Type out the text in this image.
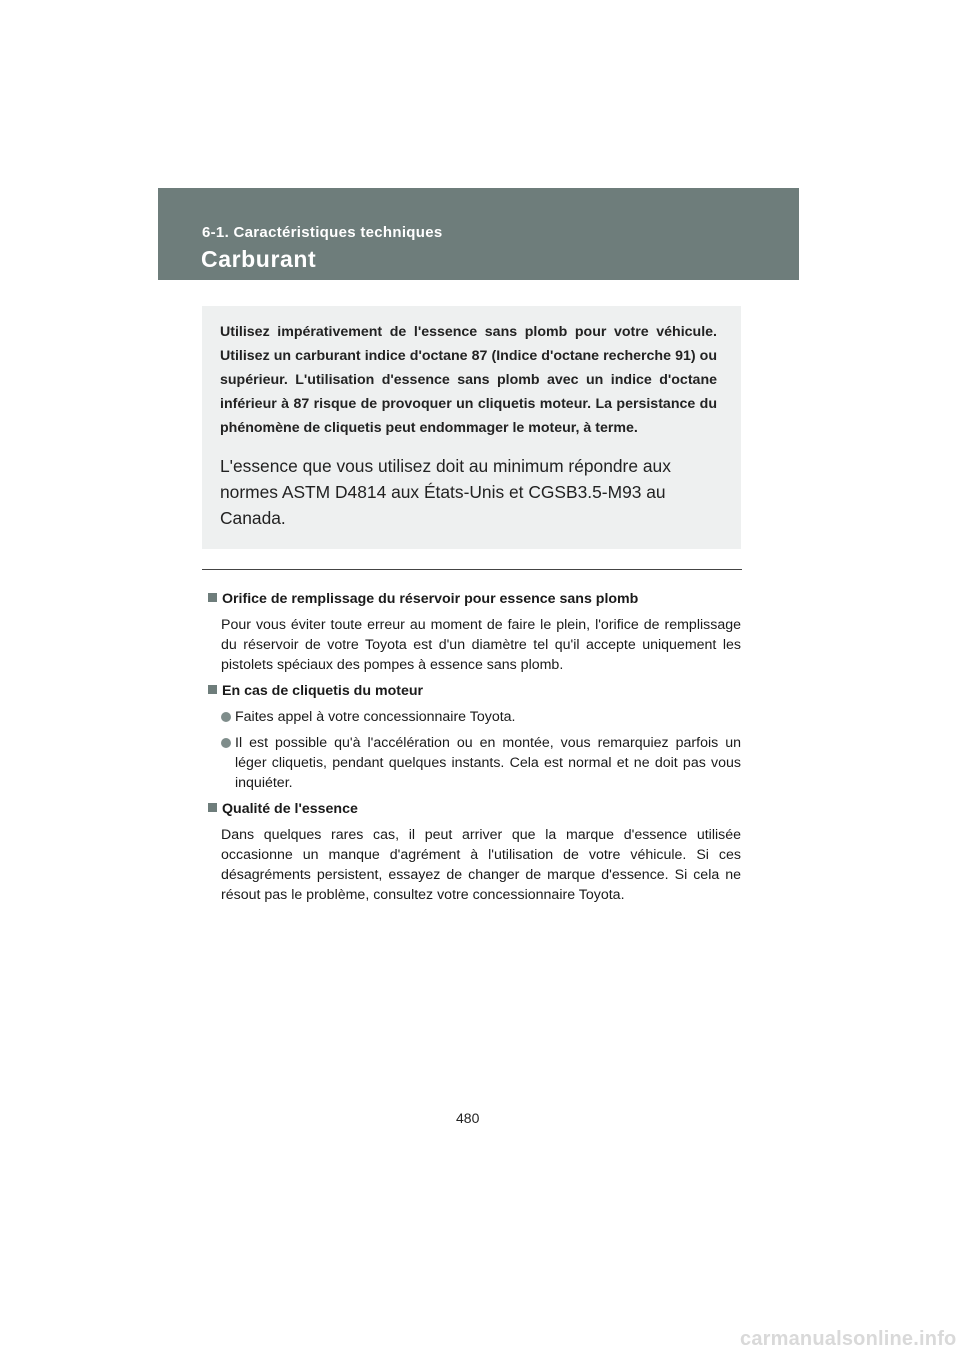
6-1. Caractéristiques techniques
Carburant

Utilisez impérativement de l'essence sans plomb pour votre véhicule. Utilisez un carburant indice d'octane 87 (Indice d'octane recherche 91) ou supérieur. L'utilisation d'essence sans plomb avec un indice d'octane inférieur à 87 risque de provoquer un cliquetis moteur. La persistance du phénomène de cliquetis peut endommager le moteur, à terme.

L'essence que vous utilisez doit au minimum répondre aux normes ASTM D4814 aux États-Unis et CGSB3.5-M93 au Canada.

Orifice de remplissage du réservoir pour essence sans plomb

Pour vous éviter toute erreur au moment de faire le plein, l'orifice de remplissage du réservoir de votre Toyota est d'un diamètre tel qu'il accepte uniquement les pistolets spéciaux des pompes à essence sans plomb.

En cas de cliquetis du moteur
Faites appel à votre concessionnaire Toyota.
Il est possible qu'à l'accélération ou en montée, vous remarquiez parfois un léger cliquetis, pendant quelques instants. Cela est normal et ne doit pas vous inquiéter.
Qualité de l'essence

Dans quelques rares cas, il peut arriver que la marque d'essence utilisée occasionne un manque d'agrément à l'utilisation de votre véhicule. Si ces désagréments persistent, essayez de changer de marque d'essence. Si cela ne résout pas le problème, consultez votre concessionnaire Toyota.

480
carmanualsonline.info
